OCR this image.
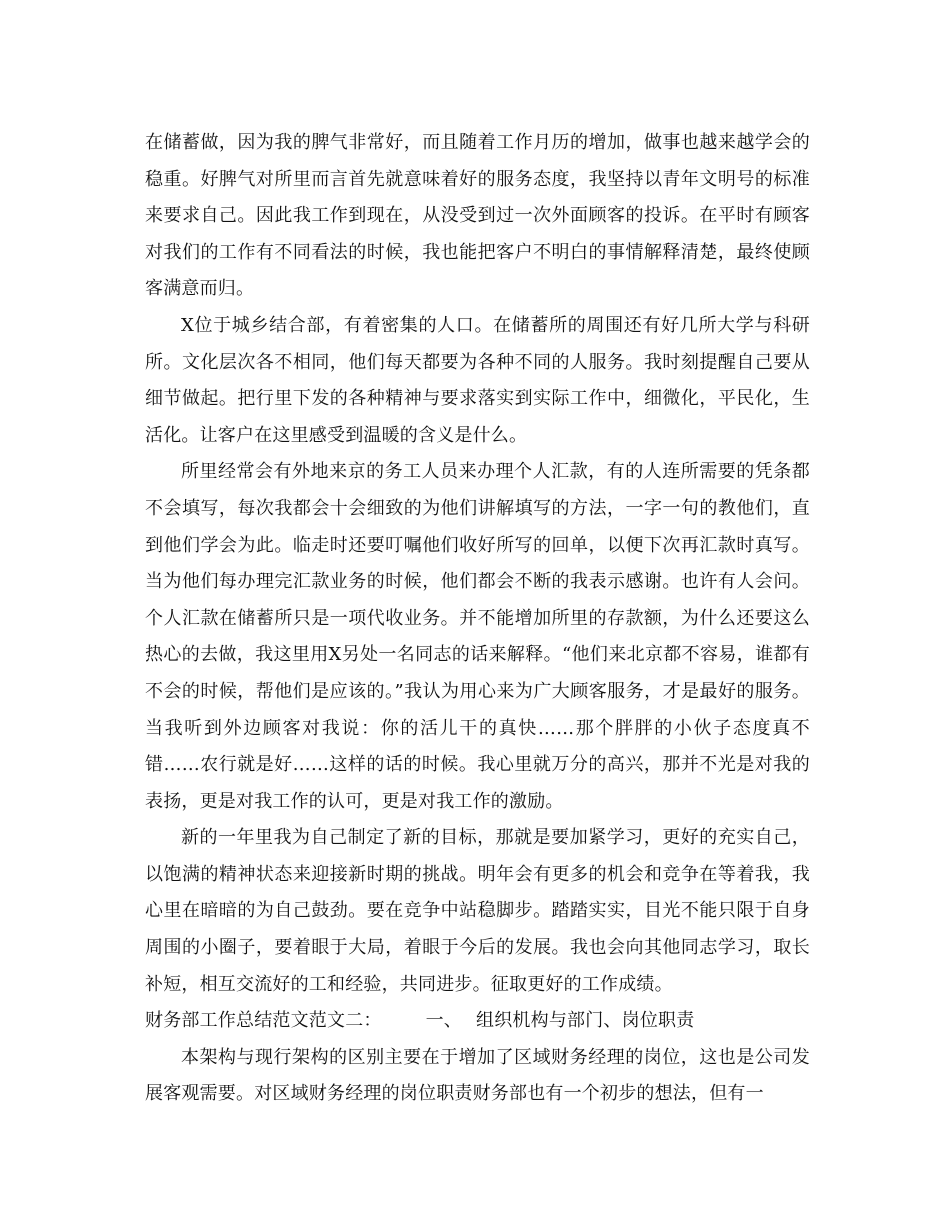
在储蓄做，因为我的脾气非常好，而且随着工作月历的增加，做事也越来越学会的稳重。好脾气对所里而言首先就意味着好的服务态度，我坚持以青年文明号的标准来要求自己。因此我工作到现在，从没受到过一次外面顾客的投诉。在平时有顾客对我们的工作有不同看法的时候，我也能把客户不明白的事情解释清楚，最终使顾客满意而归。

X位于城乡结合部，有着密集的人口。在储蓄所的周围还有好几所大学与科研所。文化层次各不相同，他们每天都要为各种不同的人服务。我时刻提醒自己要从细节做起。把行里下发的各种精神与要求落实到实际工作中，细微化，平民化，生活化。让客户在这里感受到温暖的含义是什么。

所里经常会有外地来京的务工人员来办理个人汇款，有的人连所需要的凭条都不会填写，每次我都会十会细致的为他们讲解填写的方法，一字一句的教他们，直到他们学会为此。临走时还要叮嘱他们收好所写的回单，以便下次再汇款时真写。当为他们每办理完汇款业务的时候，他们都会不断的我表示感谢。也许有人会问。个人汇款在储蓄所只是一项代收业务。并不能增加所里的存款额，为什么还要这么热心的去做，我这里用X另处一名同志的话来解释。“他们来北京都不容易，谁都有不会的时候，帮他们是应该的。”我认为用心来为广大顾客服务，才是最好的服务。当我听到外边顾客对我说：你的活儿干的真快……那个胖胖的小伙子态度真不错……农行就是好……这样的话的时候。我心里就万分的高兴，那并不光是对我的表扬，更是对我工作的认可，更是对我工作的激励。

新的一年里我为自己制定了新的目标，那就是要加紧学习，更好的充实自己，以饱满的精神状态来迎接新时期的挑战。明年会有更多的机会和竞争在等着我，我心里在暗暗的为自己鼓劲。要在竞争中站稳脚步。踏踏实实，目光不能只限于自身周围的小圈子，要着眼于大局，着眼于今后的发展。我也会向其他同志学习，取长补短，相互交流好的工和经验，共同进步。征取更好的工作成绩。

财务部工作总结范文范文二： 一、 组织机构与部门、岗位职责

本架构与现行架构的区别主要在于增加了区域财务经理的岗位，这也是公司发展客观需要。对区域财务经理的岗位职责财务部也有一个初步的想法，但有一
